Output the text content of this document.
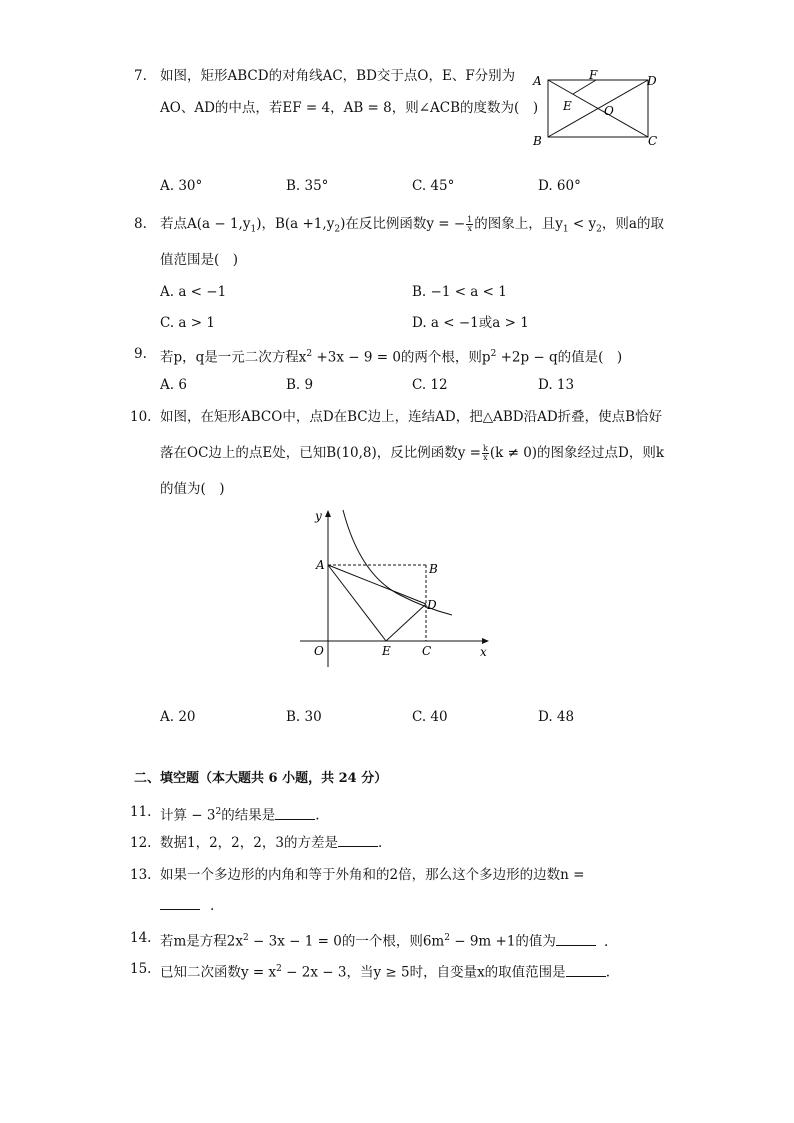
7. 如图，矩形ABCD的对角线AC，BD交于点O，E、F分别为
AO、AD的中点，若EF = 4，AB = 8，则∠ACB的度数为(　)
A	F	D
E	O
B	C
A. 30°	B. 35°	C. 45°	D. 60°
8. 若点$A(a - 1,y_1)$，$B(a +1,y_2)$在反比例函数y = − $\frac{1}{x}$ 的图象上，且$y_1 < y_2$，则a的取
值范围是(　)
A. a < −1	B. −1 < a < 1
C. a > 1	D. a < −1或a > 1
9. 若p，q是一元二次方程$x^2 +3x - 9 = 0$的两个根，则$p^2 +2p - q$的值是(　)
A. 6	B. 9	C. 12	D. 13
10. 如图，在矩形ABCO中，点D在BC边上，连结AD，把△ABD沿AD折叠，使点B恰好
落在OC边上的点E处，已知B(10,8)，反比例函数$y = \frac{k}{x} (k \ne 0)$的图象经过点D，则k
的值为(　)
y
A	B
D
O	E	C	x
A. 20	B. 30	C. 40	D. 48
二、填空题（本大题共 6 小题，共 24 分）
11. 计算 − $3^2$的结果是	.
12. 数据1，2，2，2，3的方差是	.
13. 如果一个多边形的内角和等于外角和的2倍，那么这个多边形的边数n =
.
14. 若m是方程$2x^2 - 3x - 1 = 0$的一个根，则$6m^2 - 9m +1$的值为	.
15. 已知二次函数$y = x^2 - 2x - 3$，当y ≥ 5时，自变量x的取值范围是	.
